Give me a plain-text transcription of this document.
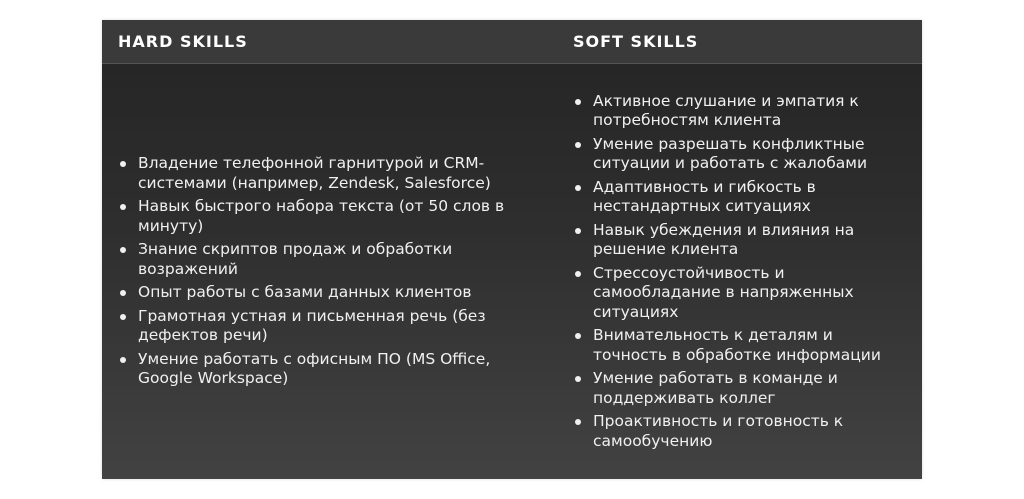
HARD SKILLS	SOFT SKILLS
Владение телефонной гарнитурой и CRM-системами (например, Zendesk, Salesforce)
Навык быстрого набора текста (от 50 слов в минуту)
Знание скриптов продаж и обработки возражений
Опыт работы с базами данных клиентов
Грамотная устная и письменная речь (без дефектов речи)
Умение работать с офисным ПО (MS Office, Google Workspace)
Активное слушание и эмпатия к потребностям клиента
Умение разрешать конфликтные ситуации и работать с жалобами
Адаптивность и гибкость в нестандартных ситуациях
Навык убеждения и влияния на решение клиента
Стрессоустойчивость и самообладание в напряженных ситуациях
Внимательность к деталям и точность в обработке информации
Умение работать в команде и поддерживать коллег
Проактивность и готовность к самообучению
